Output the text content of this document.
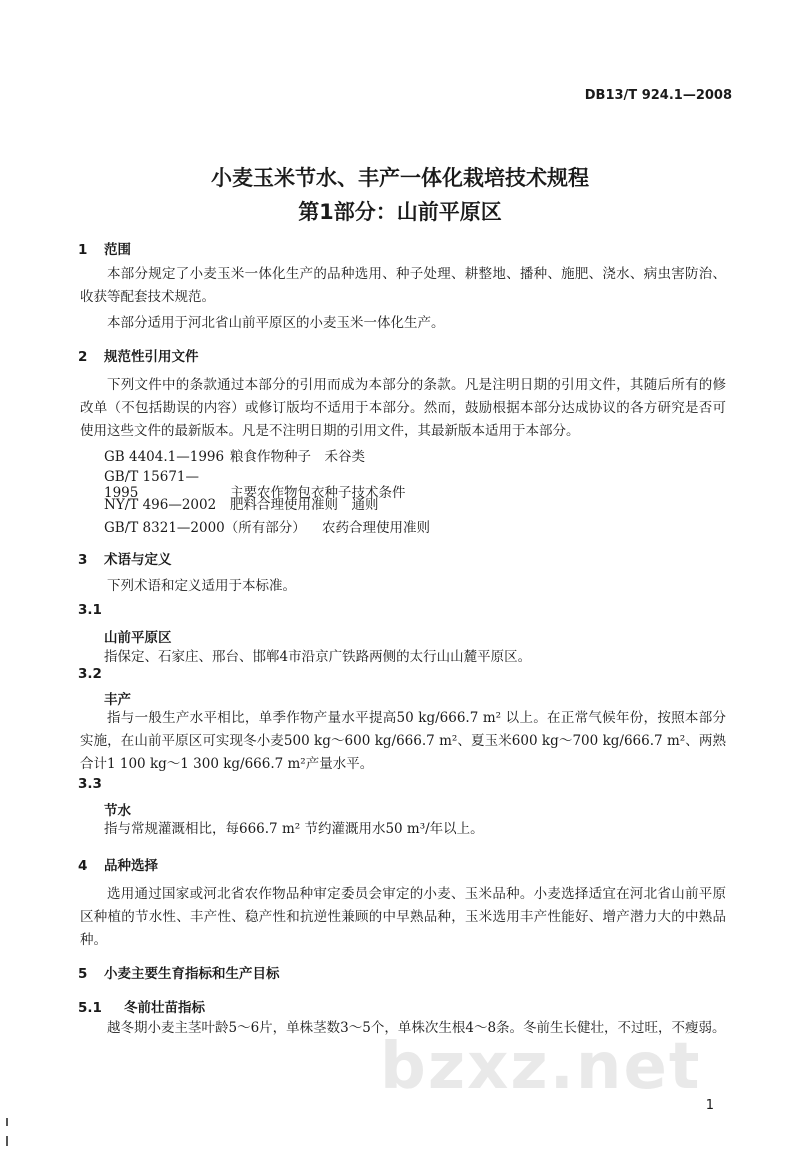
DB13/T 924.1—2008
小麦玉米节水、丰产一体化栽培技术规程
第1部分：山前平原区
1 范围
本部分规定了小麦玉米一体化生产的品种选用、种子处理、耕整地、播种、施肥、浇水、病虫害防治、收获等配套技术规范。
本部分适用于河北省山前平原区的小麦玉米一体化生产。
2 规范性引用文件
下列文件中的条款通过本部分的引用而成为本部分的条款。凡是注明日期的引用文件，其随后所有的修改单（不包括勘误的内容）或修订版均不适用于本部分。然而，鼓励根据本部分达成协议的各方研究是否可使用这些文件的最新版本。凡是不注明日期的引用文件，其最新版本适用于本部分。
GB 4404.1—1996 粮食作物种子　禾谷类
GB/T 15671—1995	主要农作物包衣种子技术条件
NY/T 496—2002 肥料合理使用准则　通则
GB/T 8321—2000（所有部分） 农药合理使用准则
3 术语与定义
下列术语和定义适用于本标准。
3.1
山前平原区
指保定、石家庄、邢台、邯郸4市沿京广铁路两侧的太行山山麓平原区。
3.2
丰产
指与一般生产水平相比，单季作物产量水平提高50 kg/666.7 m² 以上。在正常气候年份，按照本部分实施，在山前平原区可实现冬小麦500 kg～600 kg/666.7 m²、夏玉米600 kg～700 kg/666.7 m²、两熟合计1 100 kg～1 300 kg/666.7 m²产量水平。
3.3
节水
指与常规灌溉相比，每666.7 m² 节约灌溉用水50 m³/年以上。
4 品种选择
选用通过国家或河北省农作物品种审定委员会审定的小麦、玉米品种。小麦选择适宜在河北省山前平原区种植的节水性、丰产性、稳产性和抗逆性兼顾的中早熟品种，玉米选用丰产性能好、增产潜力大的中熟品种。
5 小麦主要生育指标和生产目标
5.1 冬前壮苗指标
越冬期小麦主茎叶龄5～6片，单株茎数3～5个，单株次生根4～8条。冬前生长健壮，不过旺，不瘦弱。
bzxz.net
1
